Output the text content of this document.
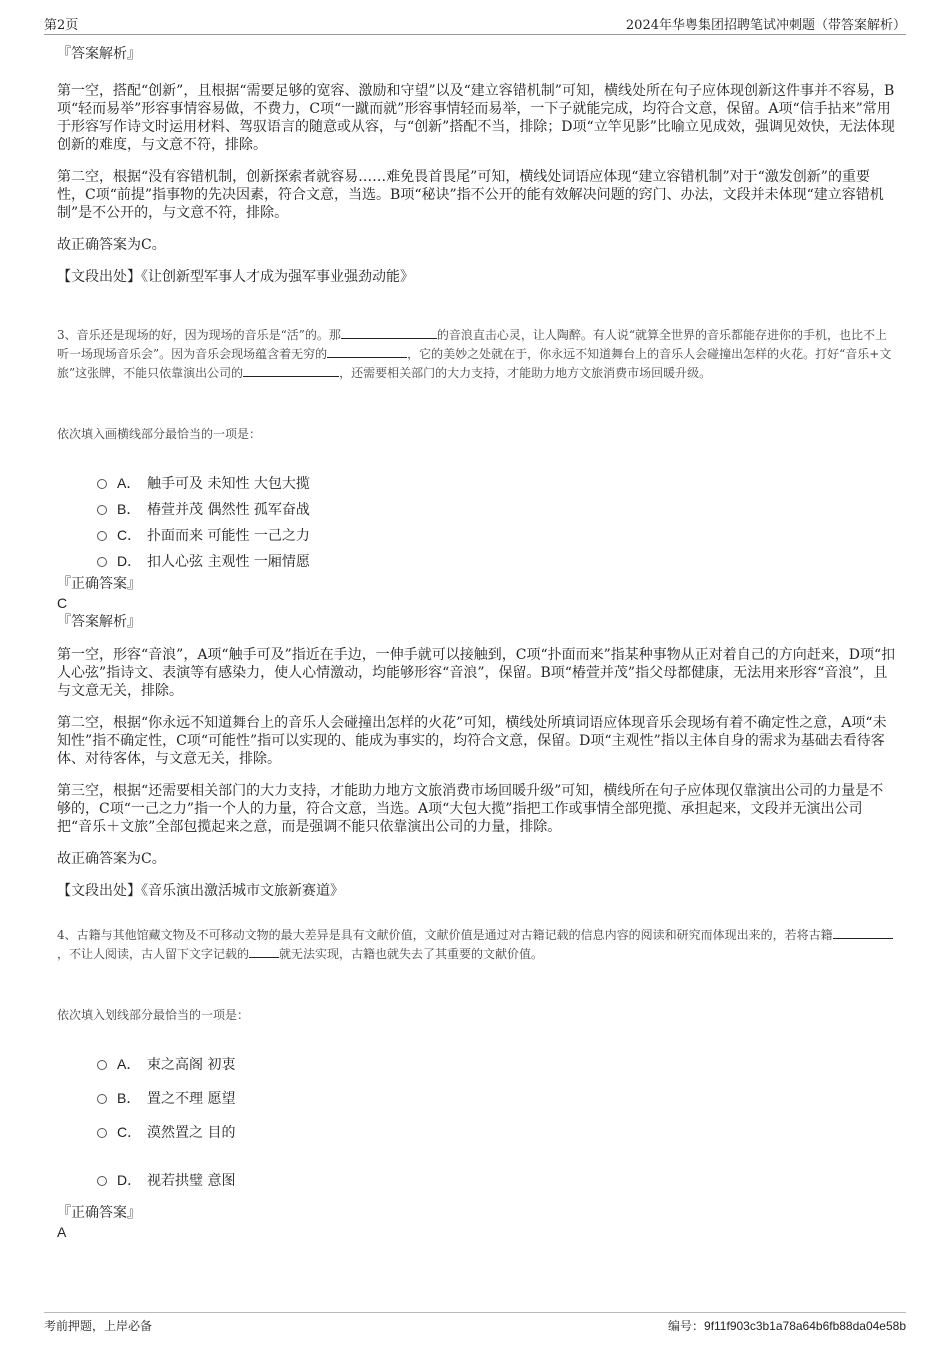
第2页	2024年华粤集团招聘笔试冲刺题（带答案解析）
『答案解析』

第一空，搭配“创新”，且根据“需要足够的宽容、激励和守望”以及“建立容错机制”可知，横线处所在句子应体现创新这件事并不容易，B项“轻而易举”形容事情容易做，不费力，C项“一蹴而就”形容事情轻而易举，一下子就能完成，均符合文意，保留。A项“信手拈来”常用于形容写作诗文时运用材料、驾驭语言的随意或从容，与“创新”搭配不当，排除；D项“立竿见影”比喻立见成效，强调见效快，无法体现创新的难度，与文意不符，排除。

第二空，根据“没有容错机制，创新探索者就容易……难免畏首畏尾”可知，横线处词语应体现“建立容错机制”对于“激发创新”的重要性，C项“前提”指事物的先决因素，符合文意，当选。B项“秘诀”指不公开的能有效解决问题的窍门、办法，文段并未体现“建立容错机制”是不公开的，与文意不符，排除。

故正确答案为C。

【文段出处】《让创新型军事人才成为强军事业强劲动能》

3、音乐还是现场的好，因为现场的音乐是“活”的。那	的音浪直击心灵，让人陶醉。有人说“就算全世界的音乐都能存进你的手机，也比不上听一场现场音乐会”。因为音乐会现场蕴含着无穷的	，它的美妙之处就在于，你永远不知道舞台上的音乐人会碰撞出怎样的火花。打好“音乐+文旅”这张牌，不能只依靠演出公司的	，还需要相关部门的大力支持，才能助力地方文旅消费市场回暖升级。

依次填入画横线部分最恰当的一项是：

A． 触手可及 未知性 大包大揽
B． 椿萱并茂 偶然性 孤军奋战
C． 扑面而来 可能性 一己之力
D． 扣人心弦 主观性 一厢情愿
『正确答案』
C
『答案解析』

第一空，形容“音浪”，A项“触手可及”指近在手边，一伸手就可以接触到，C项“扑面而来”指某种事物从正对着自己的方向赶来，D项“扣人心弦”指诗文、表演等有感染力，使人心情激动，均能够形容“音浪”，保留。B项“椿萱并茂”指父母都健康，无法用来形容“音浪”，且与文意无关，排除。

第二空，根据“你永远不知道舞台上的音乐人会碰撞出怎样的火花”可知，横线处所填词语应体现音乐会现场有着不确定性之意，A项“未知性”指不确定性，C项“可能性”指可以实现的、能成为事实的，均符合文意，保留。D项“主观性”指以主体自身的需求为基础去看待客体、对待客体，与文意无关，排除。

第三空，根据“还需要相关部门的大力支持，才能助力地方文旅消费市场回暖升级”可知，横线所在句子应体现仅靠演出公司的力量是不够的，C项“一己之力”指一个人的力量，符合文意，当选。A项“大包大揽”指把工作或事情全部兜揽、承担起来，文段并无演出公司把“音乐＋文旅”全部包揽起来之意，而是强调不能只依靠演出公司的力量，排除。

故正确答案为C。

【文段出处】《音乐演出激活城市文旅新赛道》

4、古籍与其他馆藏文物及不可移动文物的最大差异是具有文献价值，文献价值是通过对古籍记载的信息内容的阅读和研究而体现出来的，若将古籍，不让人阅读，古人留下文字记载的	就无法实现，古籍也就失去了其重要的文献价值。

依次填入划线部分最恰当的一项是：

A． 束之高阁 初衷
B． 置之不理 愿望
C． 漠然置之 目的
D． 视若拱璧 意图
『正确答案』
A
考前押题，上岸必备	编号：9f11f903c3b1a78a64b6fb88da04e58b
